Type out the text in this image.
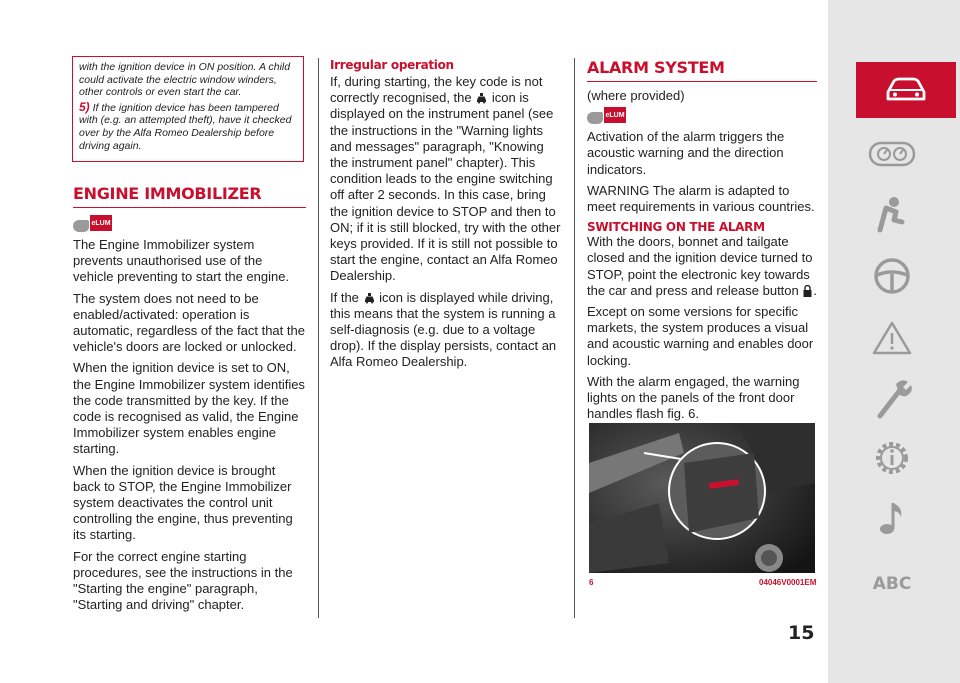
with the ignition device in ON position. A child could activate the electric window winders, other controls or even start the car.

5) If the ignition device has been tampered with (e.g. an attempted theft), have it checked over by the Alfa Romeo Dealership before driving again.

ENGINE IMMOBILIZER
eLUM

The Engine Immobilizer system prevents unauthorised use of the vehicle preventing to start the engine.

The system does not need to be enabled/activated: operation is automatic, regardless of the fact that the vehicle's doors are locked or unlocked.

When the ignition device is set to ON, the Engine Immobilizer system identifies the code transmitted by the key. If the code is recognised as valid, the Engine Immobilizer system enables engine starting.

When the ignition device is brought back to STOP, the Engine Immobilizer system deactivates the control unit controlling the engine, thus preventing its starting.

For the correct engine starting procedures, see the instructions in the "Starting the engine" paragraph, "Starting and driving" chapter.

Irregular operation

If, during starting, the key code is not correctly recognised, the icon is displayed on the instrument panel (see the instructions in the "Warning lights and messages" paragraph, "Knowing the instrument panel" chapter). This condition leads to the engine switching off after 2 seconds. In this case, bring the ignition device to STOP and then to ON; if it is still blocked, try with the other keys provided. If it is still not possible to start the engine, contact an Alfa Romeo Dealership.

If the icon is displayed while driving, this means that the system is running a self-diagnosis (e.g. due to a voltage drop). If the display persists, contact an Alfa Romeo Dealership.

ALARM SYSTEM

(where provided)

eLUM

Activation of the alarm triggers the acoustic warning and the direction indicators.

WARNING The alarm is adapted to meet requirements in various countries.

SWITCHING ON THE ALARM

With the doors, bonnet and tailgate closed and the ignition device turned to STOP, point the electronic key towards the car and press and release button .

Except on some versions for specific markets, the system produces a visual and acoustic warning and enables door locking.

With the alarm engaged, the warning lights on the panels of the front door handles flash fig. 6.

6	04046V0001EM	ABC
15
